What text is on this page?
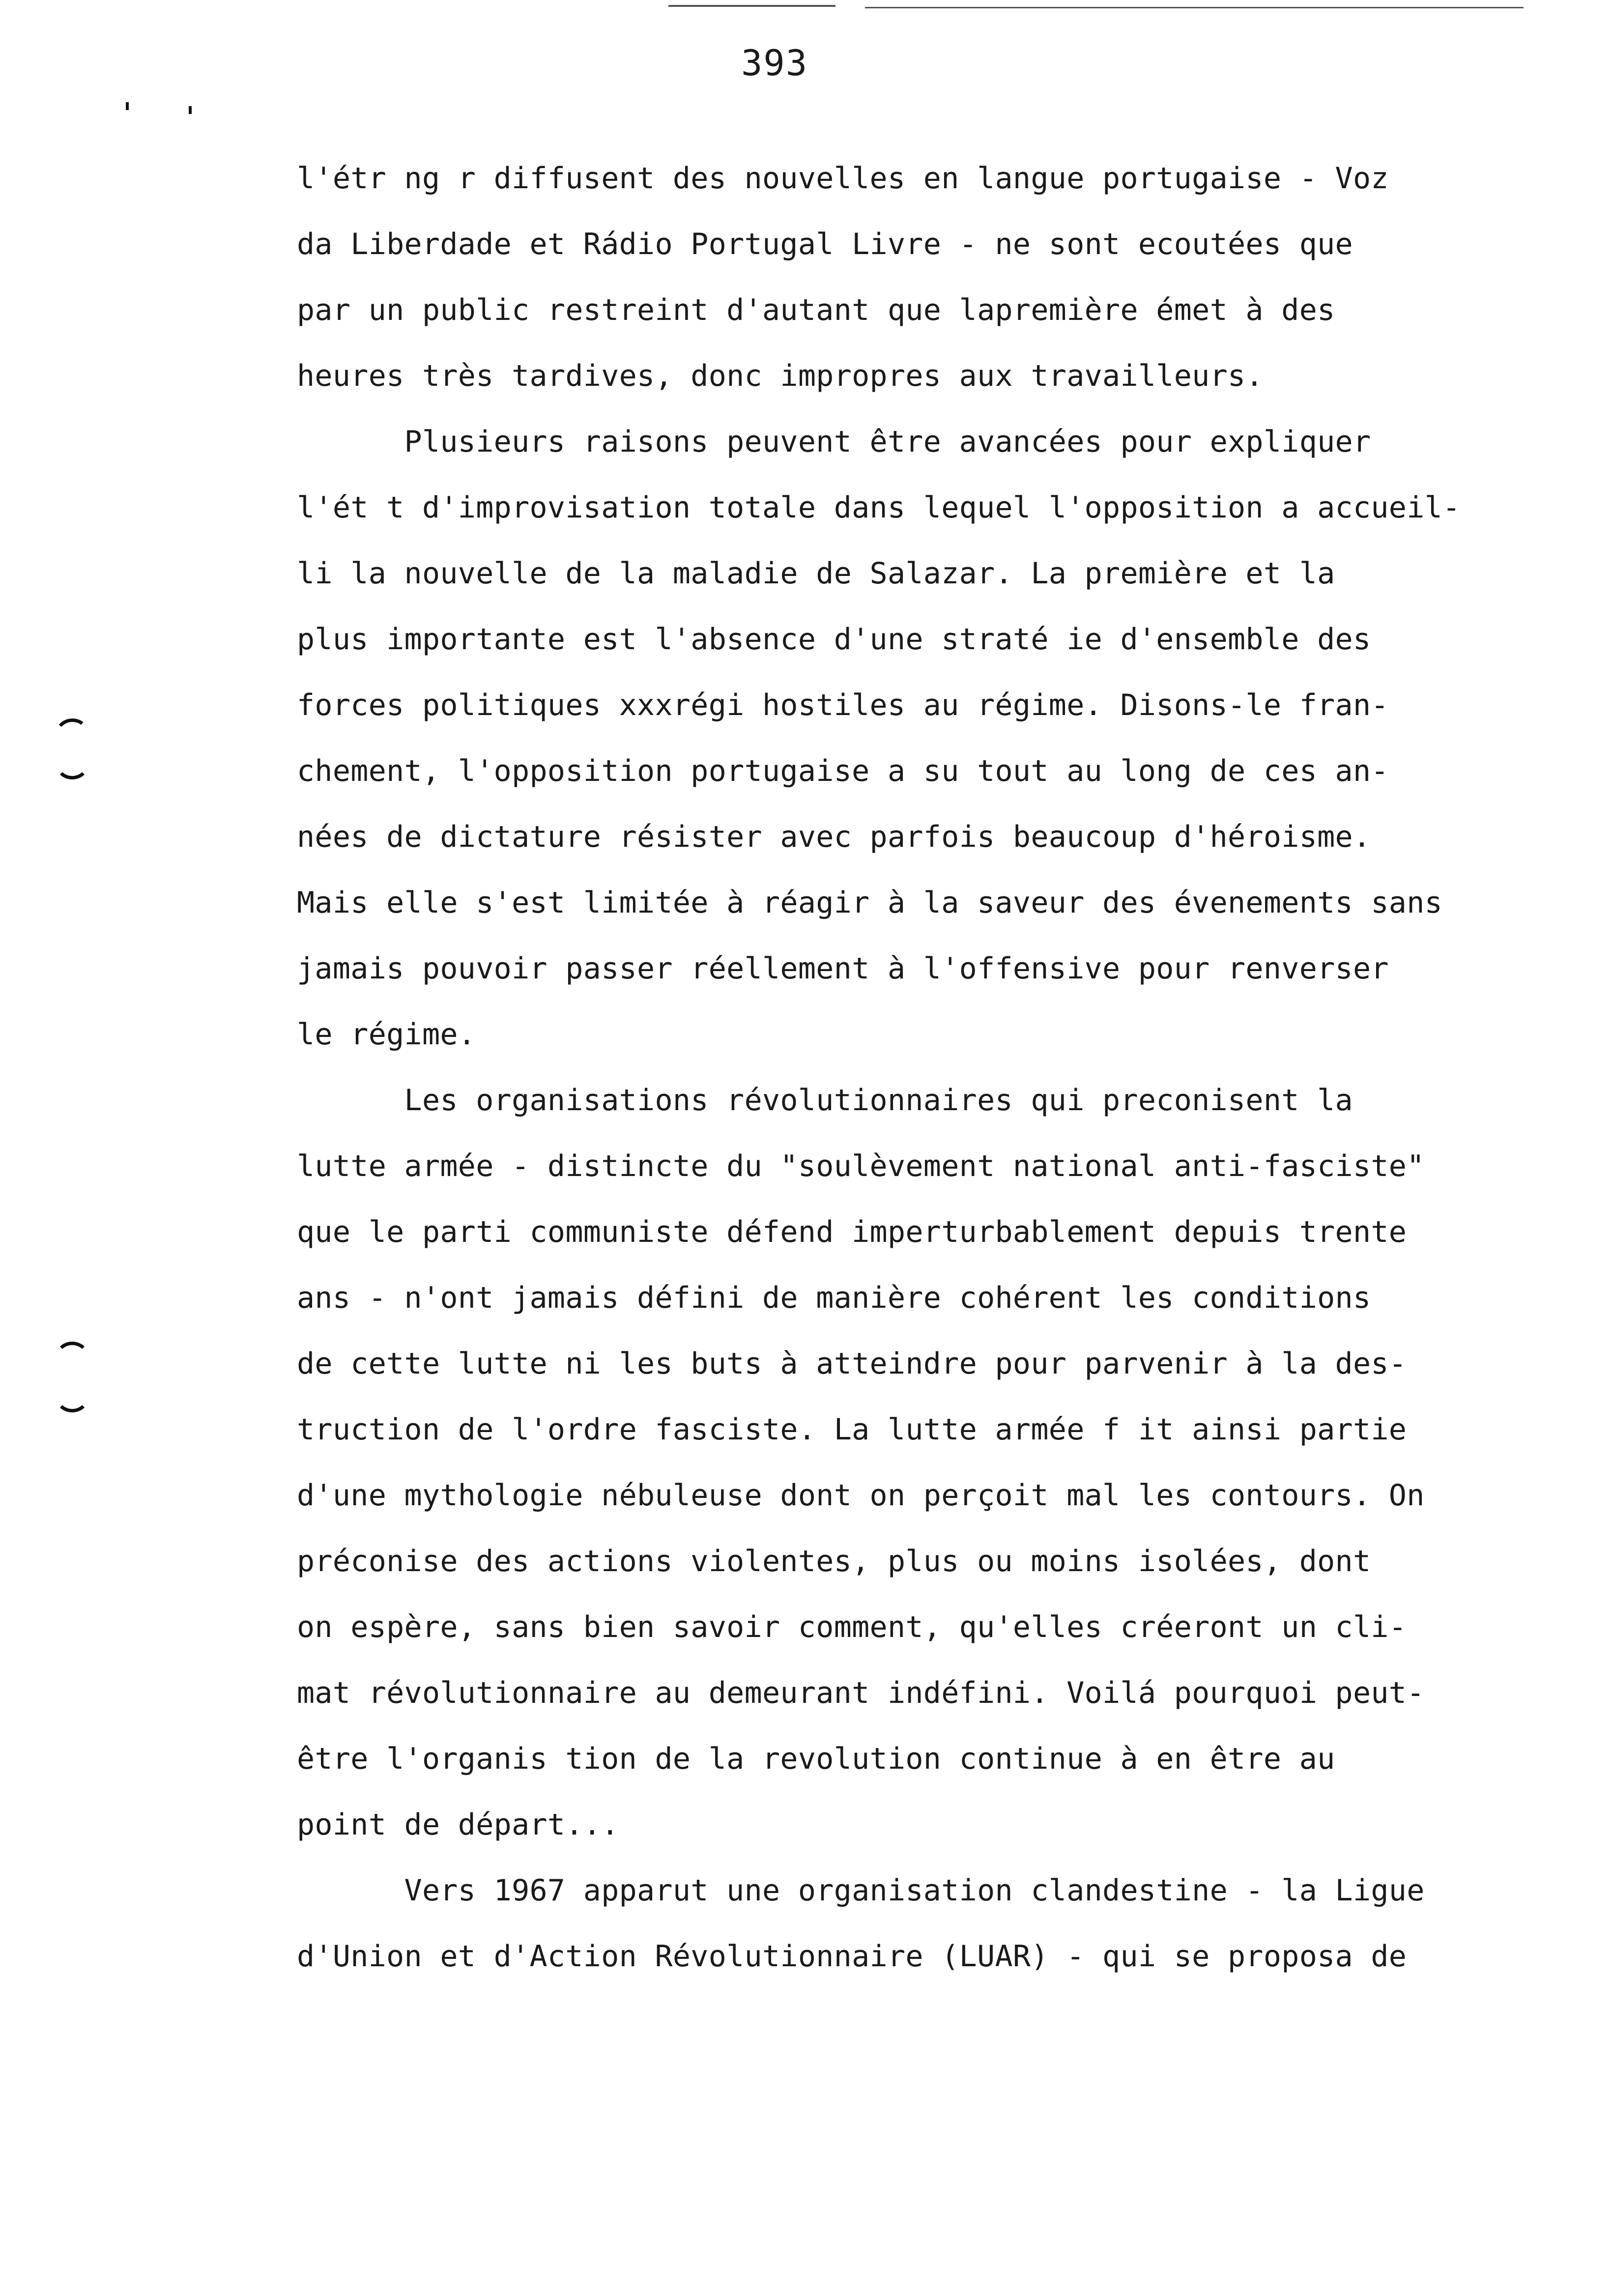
393
l'étr ng r diffusent des nouvelles en langue portugaise - Voz
da Liberdade et Rádio Portugal Livre - ne sont ecoutées que
par un public restreint d'autant que lapremière émet à des
heures très tardives, donc impropres aux travailleurs.
Plusieurs raisons peuvent être avancées pour expliquer
l'ét t d'improvisation totale dans lequel l'opposition a accueil-
li la nouvelle de la maladie de Salazar. La première et la
plus importante est l'absence d'une straté ie d'ensemble des
forces politiques xxxrégi hostiles au régime. Disons-le fran-
chement, l'opposition portugaise a su tout au long de ces an-
nées de dictature résister avec parfois beaucoup d'héroisme.
Mais elle s'est limitée à réagir à la saveur des évenements sans
jamais pouvoir passer réellement à l'offensive pour renverser
le régime.
Les organisations révolutionnaires qui preconisent la
lutte armée - distincte du "soulèvement national anti-fasciste"
que le parti communiste défend imperturbablement depuis trente
ans - n'ont jamais défini de manière cohérent les conditions
de cette lutte ni les buts à atteindre pour parvenir à la des-
truction de l'ordre fasciste. La lutte armée f it ainsi partie
d'une mythologie nébuleuse dont on perçoit mal les contours. On
préconise des actions violentes, plus ou moins isolées, dont
on espère, sans bien savoir comment, qu'elles créeront un cli-
mat révolutionnaire au demeurant indéfini. Voilá pourquoi peut-
être l'organis tion de la revolution continue à en être au
point de départ...
Vers 1967 apparut une organisation clandestine - la Ligue
d'Union et d'Action Révolutionnaire (LUAR) - qui se proposa de
